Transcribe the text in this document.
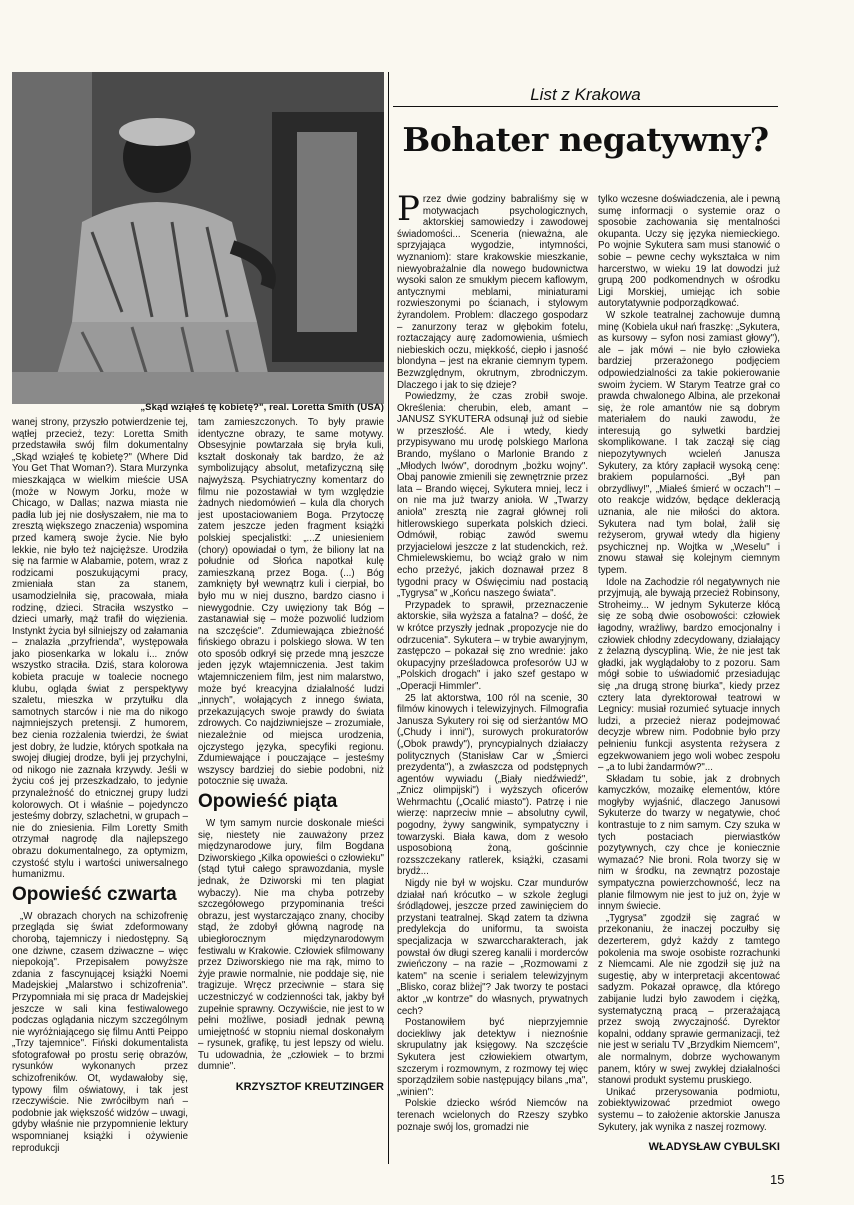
„Skąd wziąłeś tę kobietę?", real. Loretta Smith (USA)
List z Krakowa
Bohater negatywny?

wanej strony, przyszło potwierdzenie tej, wątłej przecież, tezy: Loretta Smith przedstawiła swój film dokumentalny „Skąd wziąłeś tę kobietę?" (Where Did You Get That Woman?). Stara Murzynka mieszkająca w wielkim mieście USA (może w Nowym Jorku, może w Chicago, w Dallas; nazwa miasta nie padła lub jej nie dosłyszałem, nie ma to zresztą większego znaczenia) wspomina przed kamerą swoje życie. Nie było lekkie, nie było też najcięższe. Urodziła się na farmie w Alabamie, potem, wraz z rodzicami poszukującymi pracy, zmieniała stan za stanem, usamodzielniła się, pracowała, miała rodzinę, dzieci. Straciła wszystko – dzieci umarły, mąż trafił do więzienia. Instynkt życia był silniejszy od załamania – znalazła „przyfrienda", występowała jako piosenkarka w lokalu i... znów wszystko straciła. Dziś, stara kolorowa kobieta pracuje w toalecie nocnego klubu, ogląda świat z perspektywy szaletu, mieszka w przytułku dla samotnych starców i nie ma do nikogo najmniejszych pretensji. Z humorem, bez cienia rozżalenia twierdzi, że świat jest dobry, że ludzie, których spotkała na swojej długiej drodze, byli jej przychylni, od nikogo nie zaznała krzywdy. Jeśli w życiu coś jej przeszkadzało, to jedynie przynależność do etnicznej grupy ludzi kolorowych. Ot i właśnie – pojedynczo jesteśmy dobrzy, szlachetni, w grupach – nie do zniesienia. Film Loretty Smith otrzymał nagrodę dla najlepszego obrazu dokumentalnego, za optymizm, czystość stylu i wartości uniwersalnego humanizmu.

Opowieść czwarta

„W obrazach chorych na schizofrenię przegląda się świat zdeformowany chorobą, tajemniczy i niedostępny. Są one dziwne, czasem dziwaczne – więc niepokoją". Przepisałem powyższe zdania z fascynującej książki Noemi Madejskiej „Malarstwo i schizofrenia". Przypomniała mi się praca dr Madejskiej jeszcze w sali kina festiwalowego podczas oglądania niczym szczególnym nie wyróżniającego się filmu Antti Peippo „Trzy tajemnice". Fiński dokumentalista sfotografował po prostu serię obrazów, rysunków wykonanych przez schizofreników. Ot, wydawałoby się, typowy film oświatowy, i tak jest rzeczywiście. Nie zwróciłbym nań – podobnie jak większość widzów – uwagi, gdyby właśnie nie przypomnienie lektury wspomnianej książki i ożywienie reprodukcji

tam zamieszczonych. To były prawie identyczne obrazy, te same motywy. Obsesyjnie powtarzała się bryła kuli, kształt doskonały tak bardzo, że aż symbolizujący absolut, metafizyczną siłę najwyższą. Psychiatryczny komentarz do filmu nie pozostawiał w tym względzie żadnych niedomówień – kula dla chorych jest upostaciowaniem Boga. Przytoczę zatem jeszcze jeden fragment książki polskiej specjalistki: „...Z uniesieniem (chory) opowiadał o tym, że biliony lat na południe od Słońca napotkał kulę zamieszkaną przez Boga. (...) Bóg zamknięty był wewnątrz kuli i cierpiał, bo było mu w niej duszno, bardzo ciasno i niewygodnie. Czy uwięziony tak Bóg – zastanawiał się – może pozwolić ludziom na szczęście". Zdumiewająca zbieżność fińskiego obrazu i polskiego słowa. W ten oto sposób odkrył się przede mną jeszcze jeden język wtajemniczenia. Jest takim wtajemniczeniem film, jest nim malarstwo, może być kreacyjna działalność ludzi „innych", wołających z innego świata, przekazujących swoje prawdy do świata zdrowych. Co najdziwniejsze – zrozumiałe, niezależnie od miejsca urodzenia, ojczystego języka, specyfiki regionu. Zdumiewające i pouczające – jesteśmy wszyscy bardziej do siebie podobni, niż potocznie się uważa.

Opowieść piąta

W tym samym nurcie doskonale mieści się, niestety nie zauważony przez międzynarodowe jury, film Bogdana Dziworskiego „Kilka opowieści o człowieku" (stąd tytuł całego sprawozdania, mysle jednak, że Dziworski mi ten plagiat wybaczy). Nie ma chyba potrzeby szczegółowego przypominania treści obrazu, jest wystarczająco znany, chociby stąd, że zdobył główną nagrodę na ubiegłorocznym międzynarodowym festiwalu w Krakowie. Człowiek sfilmowany przez Dziworskiego nie ma rąk, mimo to żyje prawie normalnie, nie poddaje się, nie tragizuje. Wręcz przeciwnie – stara się uczestniczyć w codzienności tak, jakby był zupełnie sprawny. Oczywiście, nie jest to w pełni możliwe, posiadł jednak pewną umiejętność w stopniu niemal doskonałym – rysunek, grafikę, tu jest lepszy od wielu. Tu udowadnia, że „człowiek – to brzmi dumnie".

KRZYSZTOF KREUTZINGER

Przez dwie godziny babraliśmy się w motywacjach psychologicznych, aktorskiej samowiedzy i zawodowej świadomości... Sceneria (nieważna, ale sprzyjająca wygodzie, intymności, wyznaniom): stare krakowskie mieszkanie, niewyobrażalnie dla nowego budownictwa wysoki salon ze smukłym piecem kaflowym, antycznymi meblami, miniaturami rozwieszonymi po ścianach, i stylowym żyrandolem. Problem: dlaczego gospodarz – zanurzony teraz w głębokim fotelu, roztaczający aurę zadomowienia, uśmiech niebieskich oczu, miękkość, ciepło i jasność blondyna – jest na ekranie ciemnym typem. Bezwzględnym, okrutnym, zbrodniczym. Dlaczego i jak to się dzieje?

Powiedzmy, że czas zrobił swoje. Określenia: cherubin, eleb, amant – JANUSZ SYKUTERA odsunął już od siebie w przeszłość. Ale i wtedy, kiedy przypisywano mu urodę polskiego Marlona Brando, myślano o Marlonie Brando z „Młodych lwów", dorodnym „bożku wojny". Obaj panowie zmienili się zewnętrznie przez lata – Brando więcej, Sykutera mniej, lecz i on nie ma już twarzy anioła. W „Twarzy anioła" zresztą nie zagrał głównej roli hitlerowskiego superkata polskich dzieci. Odmówił, robiąc zawód swemu przyjacielowi jeszcze z lat studenckich, reż. Chmielewskiemu, bo wciąż grało w nim echo przeżyć, jakich doznawał przez 8 tygodni pracy w Oświęcimiu nad postacią „Tygrysa" w „Końcu naszego świata".

Przypadek to sprawił, przeznaczenie aktorskie, siła wyższa a fatalna? – dość, że w krótce przyszły jednak „propozycje nie do odrzucenia". Sykutera – w trybie awaryjnym, zastępczo – pokazał się zno wrednie: jako okupacyjny prześladowca profesorów UJ w „Polskich drogach" i jako szef gestapo w „Operacji Himmler".

25 lat aktorstwa, 100 ról na scenie, 30 filmów kinowych i telewizyjnych. Filmografia Janusza Sykutery roi się od sierżantów MO („Chudy i inni"), surowych prokuratorów („Obok prawdy"), pryncypialnych działaczy politycznych (Stanisław Car w „Śmierci prezydenta"), a zwłaszcza od podstępnych agentów wywiadu („Biały niedźwiedź", „Znicz olimpijski") i wyższych oficerów Wehrmachtu („Ocalić miasto"). Patrzę i nie wierzę: naprzeciw mnie – absolutny cywil, pogodny, żywy sangwinik, sympatyczny i towarzyski. Biała kawa, dom z wesoło usposobioną żoną, gościnnie rozsszczekany ratlerek, książki, czasami brydż...

Nigdy nie był w wojsku. Czar mundurów działał nań krócutko – w szkole żeglugi śródlądowej, jeszcze przed zawinięciem do przystani teatralnej. Skąd zatem ta dziwna predylekcja do uniformu, ta swoista specjalizacja w szwarccharakterach, jak powstał ów długi szereg kanalii i morderców zwieńczony – na razie – „Rozmowami z katem" na scenie i serialem telewizyjnym „Blisko, coraz bliżej"? Jak tworzy te postaci aktor „w kontrze" do własnych, prywatnych cech?

Postanowiłem być nieprzyjemnie dociekliwy jak detektyw i nieznośnie skrupulatny jak księgowy. Na szczęście Sykutera jest człowiekiem otwartym, szczerym i rozmownym, z rozmowy tej więc sporządziłem sobie następujący bilans „ma", „winien":

Polskie dziecko wśród Niemców na terenach wcielonych do Rzeszy szybko poznaje swój los, gromadzi nie

tylko wczesne doświadczenia, ale i pewną sumę informacji o systemie oraz o sposobie zachowania się mentalności okupanta. Uczy się języka niemieckiego. Po wojnie Sykutera sam musi stanowić o sobie – pewne cechy wykształca w nim harcerstwo, w wieku 19 lat dowodzi już grupą 200 podkomendnych w ośrodku Ligi Morskiej, umiejąc ich sobie autorytatywnie podporządkować.

W szkole teatralnej zachowuje dumną minę (Kobiela ukuł nań fraszkę: „Sykutera, as kursowy – syfon nosi zamiast głowy"), ale – jak mówi – nie było człowieka bardziej przerażonego podjęciem odpowiedzialności za takie pokierowanie swoim życiem. W Starym Teatrze grał co prawda chwalonego Albina, ale przekonał się, że role amantów nie są dobrym materiałem do nauki zawodu, że interesują go sylwetki bardziej skomplikowane. I tak zaczął się ciąg niepozytywnych wcieleń Janusza Sykutery, za który zapłacił wysoką cenę: brakiem popularności. „Był pan obrzydliwy!", „Miałeś śmierć w oczach"! – oto reakcje widzów, będące dekleracją uznania, ale nie miłości do aktora. Sykutera nad tym bolał, żalił się reżyserom, grywał wtedy dla higieny psychicznej np. Wojtka w „Weselu" i znowu stawał się kolejnym ciemnym typem.

Idole na Zachodzie ról negatywnych nie przyjmują, ale bywają przecież Robinsony, Stroheimy... W jednym Sykuterze kłócą się ze sobą dwie osobowości: człowiek łagodny, wrażliwy, bardzo emocjonalny i człowiek chłodny zdecydowany, działający z żelazną dyscypliną. Wie, że nie jest tak gładki, jak wyglądałoby to z pozoru. Sam mógł sobie to uświadomić przesiadując się „na drugą stronę biurka", kiedy przez cztery lata dyrektorował teatrowi w Legnicy: musiał rozumieć sytuacje innych ludzi, a przecież nieraz podejmować decyzje wbrew nim. Podobnie było przy pełnieniu funkcji asystenta reżysera z egzekwowaniem jego woli wobec zespołu – „a to lubi żandarmów?"...

Składam tu sobie, jak z drobnych kamyczków, mozaikę elementów, które mogłyby wyjaśnić, dlaczego Janusowi Sykuterze do twarzy w negatywie, choć kontrastuje to z nim samym. Czy szuka w tych postaciach pierwiastków pozytywnych, czy chce je koniecznie wymazać? Nie broni. Rola tworzy się w nim w środku, na zewnątrz pozostaje sympatyczna powierzchowność, lecz na planie filmowym nie jest to już on, żyje w innym świecie.

„Tygrysa" zgodził się zagrać w przekonaniu, że inaczej poczułby się dezerterem, gdyż każdy z tamtego pokolenia ma swoje osobiste rozrachunki z Niemcami. Ale nie zgodził się już na sugestię, aby w interpretacji akcentować sadyzm. Pokazał oprawcę, dla którego zabijanie ludzi było zawodem i ciężką, systematyczną pracą – przerażającą przez swoją zwyczajność. Dyrektor kopalni, oddany sprawie germanizacji, też nie jest w serialu TV „Brzydkim Niemcem", ale normalnym, dobrze wychowanym panem, który w swej zwykłej działalności stanowi produkt systemu pruskiego.

Unikać przerysowania podmiotu, zobiektywizować przedmiot owego systemu – to założenie aktorskie Janusza Sykutery, jak wynika z naszej rozmowy.

WŁADYSŁAW CYBULSKI
15
